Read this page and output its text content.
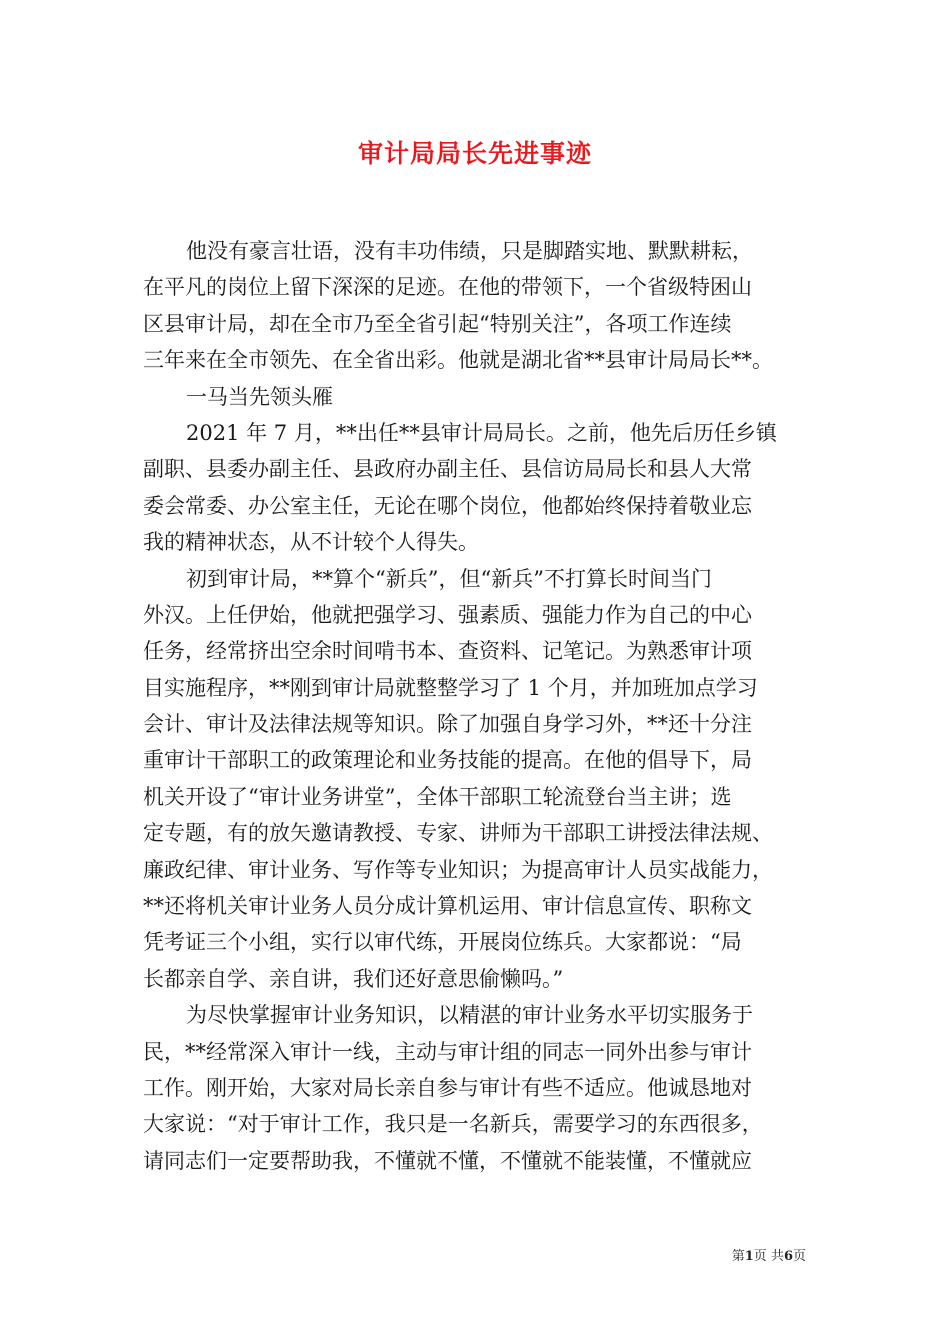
审计局局长先进事迹
他没有豪言壮语，没有丰功伟绩，只是脚踏实地、默默耕耘，
在平凡的岗位上留下深深的足迹。在他的带领下，一个省级特困山
区县审计局，却在全市乃至全省引起“特别关注”，各项工作连续
三年来在全市领先、在全省出彩。他就是湖北省**县审计局局长**。
一马当先领头雁
2021 年 7 月，**出任**县审计局局长。之前，他先后历任乡镇
副职、县委办副主任、县政府办副主任、县信访局局长和县人大常
委会常委、办公室主任，无论在哪个岗位，他都始终保持着敬业忘
我的精神状态，从不计较个人得失。
初到审计局，**算个“新兵”，但“新兵”不打算长时间当门
外汉。上任伊始，他就把强学习、强素质、强能力作为自己的中心
任务，经常挤出空余时间啃书本、查资料、记笔记。为熟悉审计项
目实施程序，**刚到审计局就整整学习了 1 个月，并加班加点学习
会计、审计及法律法规等知识。除了加强自身学习外，**还十分注
重审计干部职工的政策理论和业务技能的提高。在他的倡导下，局
机关开设了“审计业务讲堂”，全体干部职工轮流登台当主讲；选
定专题，有的放矢邀请教授、专家、讲师为干部职工讲授法律法规、
廉政纪律、审计业务、写作等专业知识；为提高审计人员实战能力，
**还将机关审计业务人员分成计算机运用、审计信息宣传、职称文
凭考证三个小组，实行以审代练，开展岗位练兵。大家都说：“局
长都亲自学、亲自讲，我们还好意思偷懒吗。”
为尽快掌握审计业务知识，以精湛的审计业务水平切实服务于
民，**经常深入审计一线，主动与审计组的同志一同外出参与审计
工作。刚开始，大家对局长亲自参与审计有些不适应。他诚恳地对
大家说：“对于审计工作，我只是一名新兵，需要学习的东西很多，
请同志们一定要帮助我，不懂就不懂，不懂就不能装懂，不懂就应
第1页 共6页
